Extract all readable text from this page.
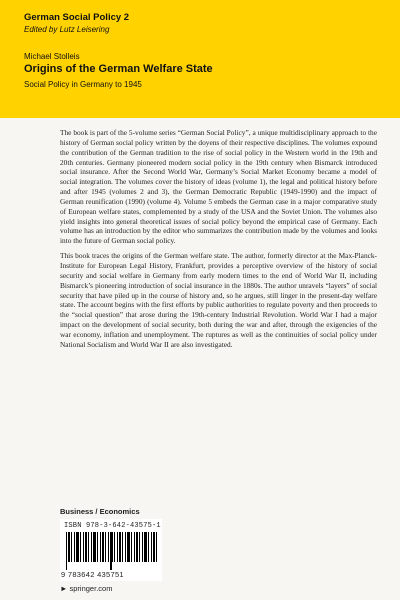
German Social Policy 2
Edited by Lutz Leisering
Michael Stolleis
Origins of the German Welfare State
Social Policy in Germany to 1945

The book is part of the 5-volume series “German Social Policy”, a unique multidisciplinary approach to the history of German social policy written by the doyens of their respective disciplines. The volumes expound the contribution of the German tradition to the rise of social policy in the Western world in the 19th and 20th centuries. Germany pioneered modern social policy in the 19th century when Bismarck introduced social insurance. After the Second World War, Germany’s Social Market Economy became a model of social integration. The volumes cover the history of ideas (volume 1), the legal and political history before and after 1945 (volumes 2 and 3), the German Democratic Republic (1949-1990) and the impact of German reunification (1990) (volume 4). Volume 5 embeds the German case in a major comparative study of European welfare states, complemented by a study of the USA and the Soviet Union. The volumes also yield insights into general theoretical issues of social policy beyond the empirical case of Germany. Each volume has an introduction by the editor who summarizes the contribution made by the volumes and looks into the future of German social policy.

This book traces the origins of the German welfare state. The author, formerly director at the Max-Planck-Institute for European Legal History, Frankfurt, provides a perceptive overview of the history of social security and social welfare in Germany from early modern times to the end of World War II, including Bismarck’s pioneering introduction of social insurance in the 1880s. The author unravels “layers” of social security that have piled up in the course of history and, so he argues, still linger in the present-day welfare state. The account begins with the first efforts by public authorities to regulate poverty and then proceeds to the “social question” that arose during the 19th-century Industrial Revolution. World War I had a major impact on the development of social security, both during the war and after, through the exigencies of the war economy, inflation and unemployment. The ruptures as well as the continuities of social policy under National Socialism and World War II are also investigated.

Business / Economics
ISBN 978-3-642-43575-1
9 783642 435751
► springer.com
